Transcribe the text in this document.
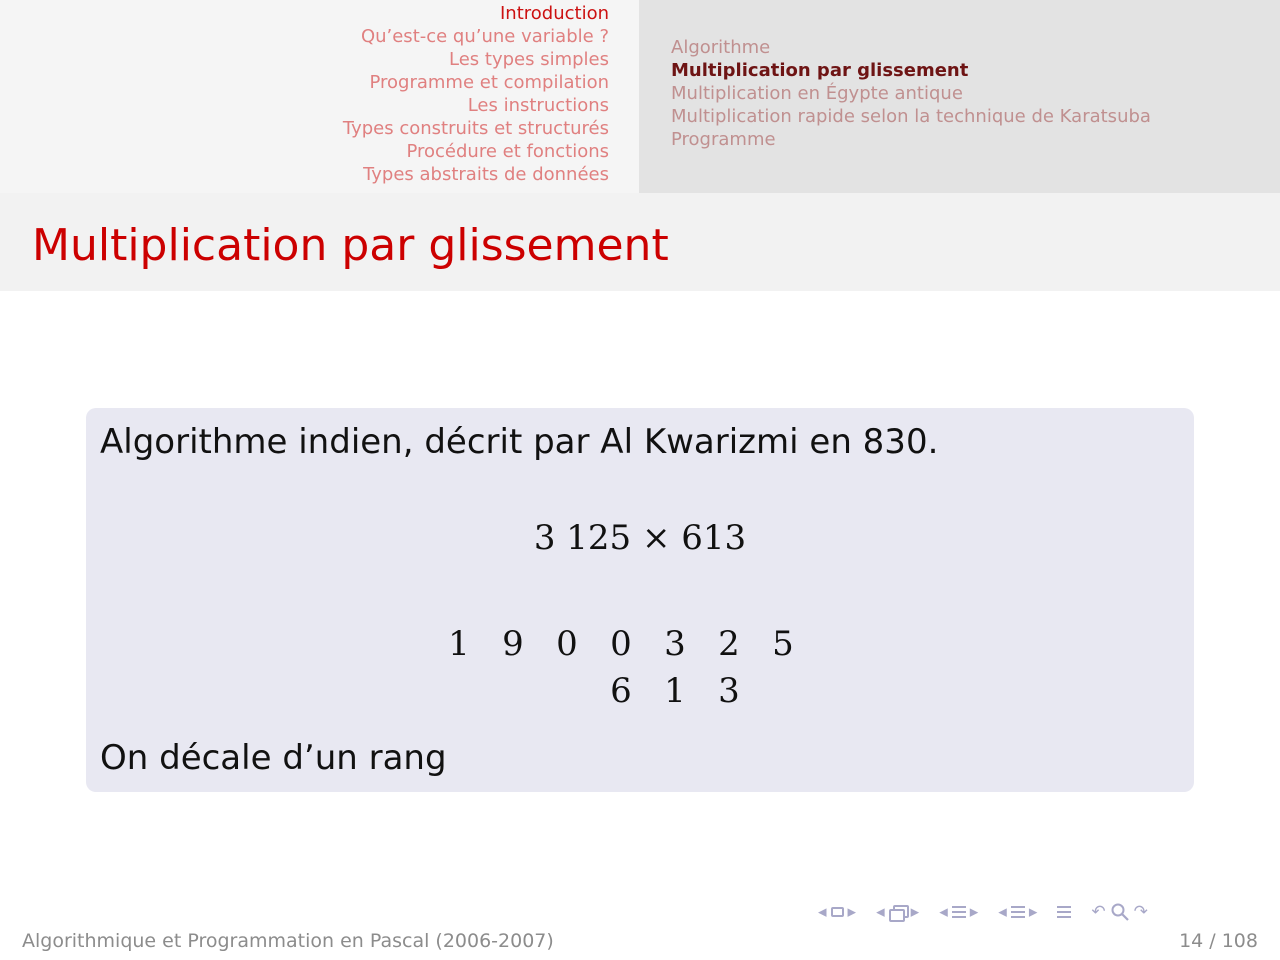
Introduction
Qu’est-ce qu’une variable ?
Les types simples
Programme et compilation
Les instructions
Types construits et structurés
Procédure et fonctions
Types abstraits de données
Algorithme
Multiplication par glissement
Multiplication en Égypte antique
Multiplication rapide selon la technique de Karatsuba
Programme
Multiplication par glissement
Algorithme indien, décrit par Al Kwarizmi en 830.
3 125 × 613
1 9 0 0 3 2 5
6 1 3
On décale d’un rang
◂ ▸ ◂ ▸ ◂ ▸ ◂ ▸	↶ ↷
Algorithmique et Programmation en Pascal (2006-2007)	14 / 108
